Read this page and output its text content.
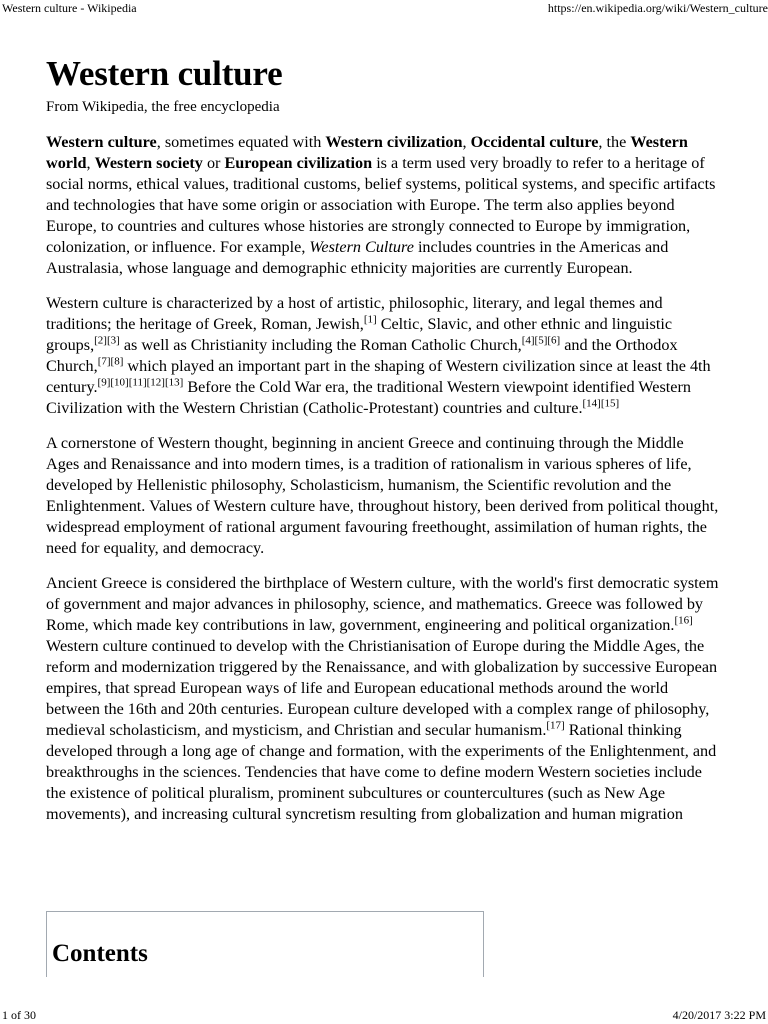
Western culture - Wikipedia	https://en.wikipedia.org/wiki/Western_culture
Western culture
From Wikipedia, the free encyclopedia

Western culture, sometimes equated with Western civilization, Occidental culture, the Western world, Western society or European civilization is a term used very broadly to refer to a heritage of social norms, ethical values, traditional customs, belief systems, political systems, and specific artifacts and technologies that have some origin or association with Europe. The term also applies beyond Europe, to countries and cultures whose histories are strongly connected to Europe by immigration, colonization, or influence. For example, Western Culture includes countries in the Americas and Australasia, whose language and demographic ethnicity majorities are currently European.

Western culture is characterized by a host of artistic, philosophic, literary, and legal themes and traditions; the heritage of Greek, Roman, Jewish,[1] Celtic, Slavic, and other ethnic and linguistic groups,[2][3] as well as Christianity including the Roman Catholic Church,[4][5][6] and the Orthodox Church,[7][8] which played an important part in the shaping of Western civilization since at least the 4th century.[9][10][11][12][13] Before the Cold War era, the traditional Western viewpoint identified Western Civilization with the Western Christian (Catholic-Protestant) countries and culture.[14][15]

A cornerstone of Western thought, beginning in ancient Greece and continuing through the Middle Ages and Renaissance and into modern times, is a tradition of rationalism in various spheres of life, developed by Hellenistic philosophy, Scholasticism, humanism, the Scientific revolution and the Enlightenment. Values of Western culture have, throughout history, been derived from political thought, widespread employment of rational argument favouring freethought, assimilation of human rights, the need for equality, and democracy.

Ancient Greece is considered the birthplace of Western culture, with the world's first democratic system of government and major advances in philosophy, science, and mathematics. Greece was followed by Rome, which made key contributions in law, government, engineering and political organization.[16] Western culture continued to develop with the Christianisation of Europe during the Middle Ages, the reform and modernization triggered by the Renaissance, and with globalization by successive European empires, that spread European ways of life and European educational methods around the world between the 16th and 20th centuries. European culture developed with a complex range of philosophy, medieval scholasticism, and mysticism, and Christian and secular humanism.[17] Rational thinking developed through a long age of change and formation, with the experiments of the Enlightenment, and breakthroughs in the sciences. Tendencies that have come to define modern Western societies include the existence of political pluralism, prominent subcultures or countercultures (such as New Age movements), and increasing cultural syncretism resulting from globalization and human migration

Contents
1 of 30	4/20/2017 3:22 PM
